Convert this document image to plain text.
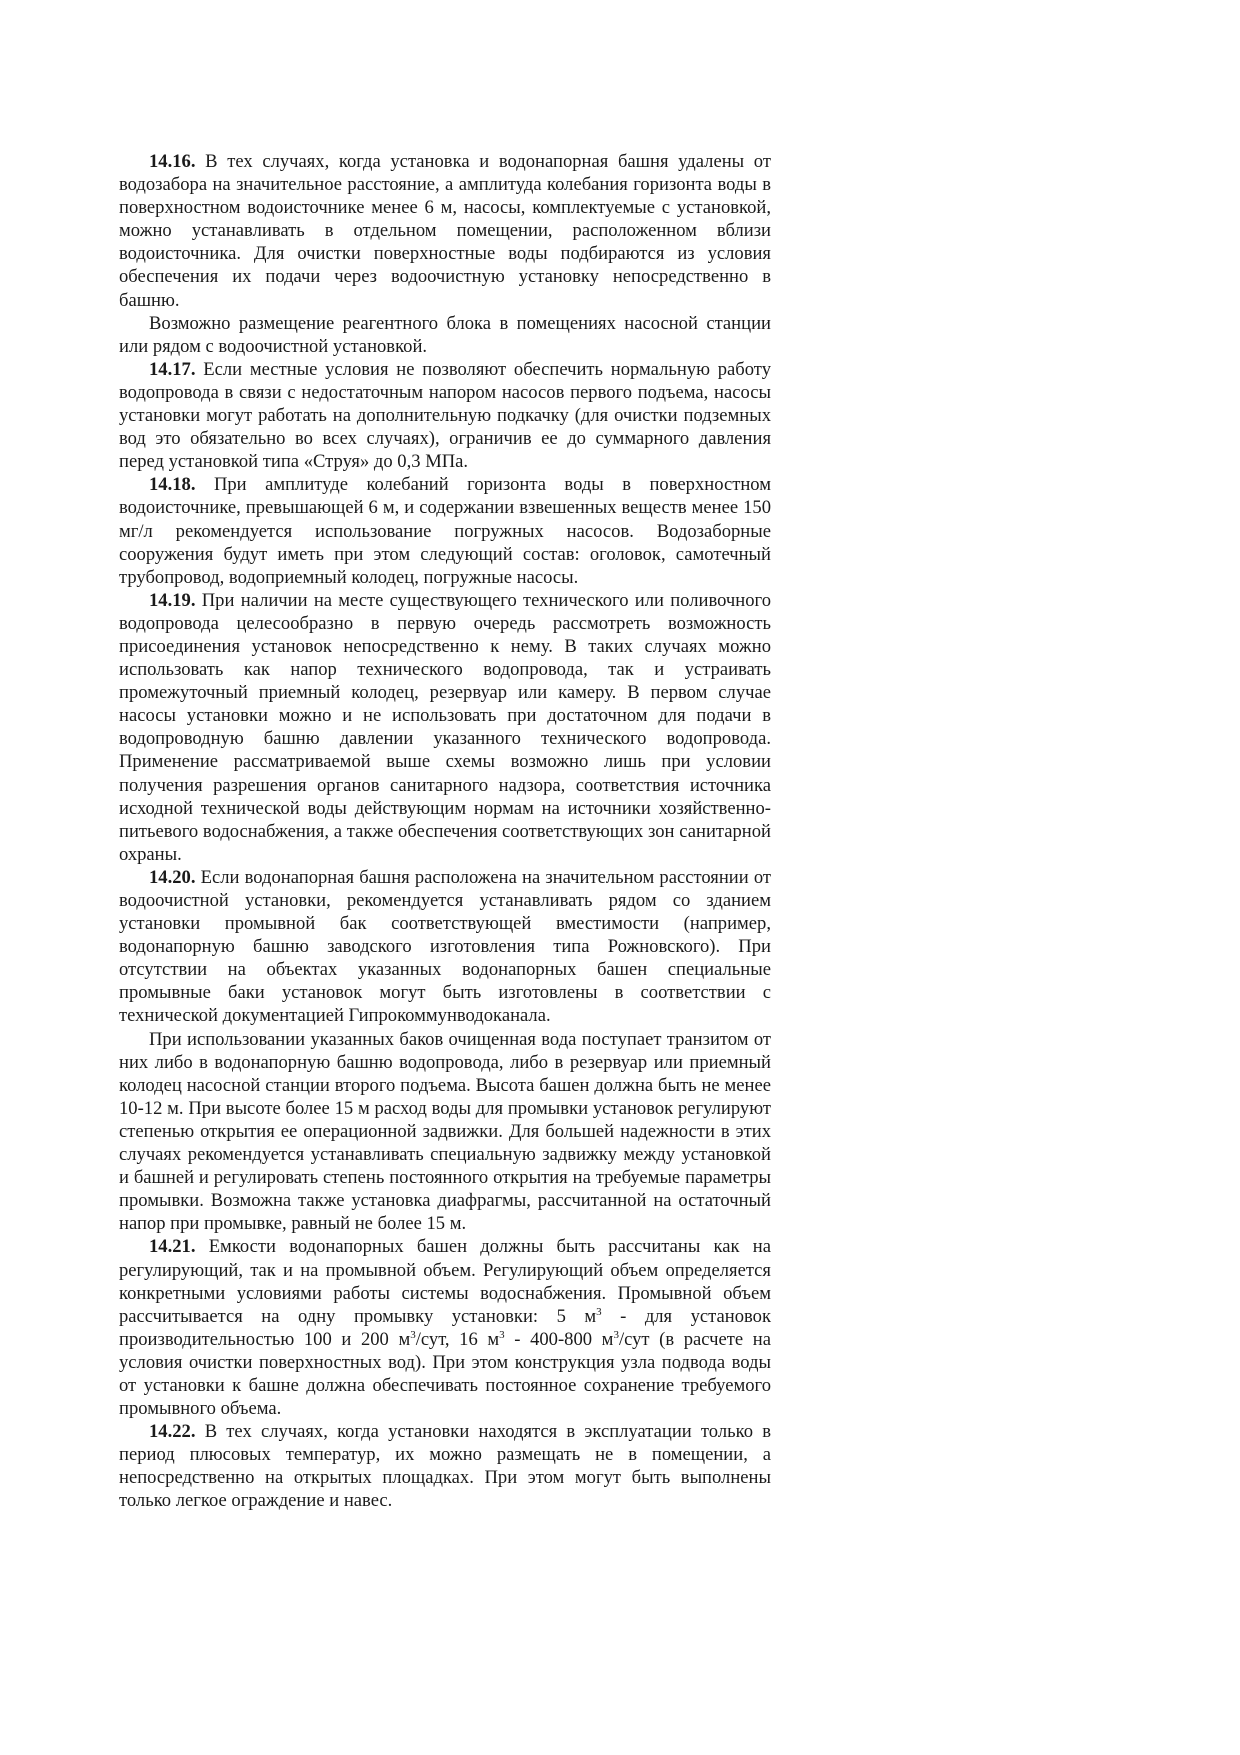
14.16. В тех случаях, когда установка и водонапорная башня удалены от водозабора на значительное расстояние, а амплитуда колебания горизонта воды в поверхностном водоисточнике менее 6 м, насосы, комплектуемые с установкой, можно устанавливать в отдельном помещении, расположенном вблизи водоисточника. Для очистки поверхностные воды подбираются из условия обеспечения их подачи через водоочистную установку непосредственно в башню.

Возможно размещение реагентного блока в помещениях насосной станции или рядом с водоочистной установкой.

14.17. Если местные условия не позволяют обеспечить нормальную работу водопровода в связи с недостаточным напором насосов первого подъема, насосы установки могут работать на дополнительную подкачку (для очистки подземных вод это обязательно во всех случаях), ограничив ее до суммарного давления перед установкой типа «Струя» до 0,3 МПа.

14.18. При амплитуде колебаний горизонта воды в поверхностном водоисточнике, превышающей 6 м, и содержании взвешенных веществ менее 150 мг/л рекомендуется использование погружных насосов. Водозаборные сооружения будут иметь при этом следующий состав: оголовок, самотечный трубопровод, водоприемный колодец, погружные насосы.

14.19. При наличии на месте существующего технического или поливочного водопровода целесообразно в первую очередь рассмотреть возможность присоединения установок непосредственно к нему. В таких случаях можно использовать как напор технического водопровода, так и устраивать промежуточный приемный колодец, резервуар или камеру. В первом случае насосы установки можно и не использовать при достаточном для подачи в водопроводную башню давлении указанного технического водопровода. Применение рассматриваемой выше схемы возможно лишь при условии получения разрешения органов санитарного надзора, соответствия источника исходной технической воды действующим нормам на источники хозяйственно-питьевого водоснабжения, а также обеспечения соответствующих зон санитарной охраны.

14.20. Если водонапорная башня расположена на значительном расстоянии от водоочистной установки, рекомендуется устанавливать рядом со зданием установки промывной бак соответствующей вместимости (например, водонапорную башню заводского изготовления типа Рожновского). При отсутствии на объектах указанных водонапорных башен специальные промывные баки установок могут быть изготовлены в соответствии с технической документацией Гипрокоммунводоканала.

При использовании указанных баков очищенная вода поступает транзитом от них либо в водонапорную башню водопровода, либо в резервуар или приемный колодец насосной станции второго подъема. Высота башен должна быть не менее 10-12 м. При высоте более 15 м расход воды для промывки установок регулируют степенью открытия ее операционной задвижки. Для большей надежности в этих случаях рекомендуется устанавливать специальную задвижку между установкой и башней и регулировать степень постоянного открытия на требуемые параметры промывки. Возможна также установка диафрагмы, рассчитанной на остаточный напор при промывке, равный не более 15 м.

14.21. Емкости водонапорных башен должны быть рассчитаны как на регулирующий, так и на промывной объем. Регулирующий объем определяется конкретными условиями работы системы водоснабжения. Промывной объем рассчитывается на одну промывку установки: 5 $м^3$ - для установок производительностью 100 и 200 $м^3$/сут, 16 $м^3 - 400-800$ $м^3$/сут (в расчете на условия очистки поверхностных вод). При этом конструкция узла подвода воды от установки к башне должна обеспечивать постоянное сохранение требуемого промывного объема.

14.22. В тех случаях, когда установки находятся в эксплуатации только в период плюсовых температур, их можно размещать не в помещении, а непосредственно на открытых площадках. При этом могут быть выполнены только легкое ограждение и навес.
